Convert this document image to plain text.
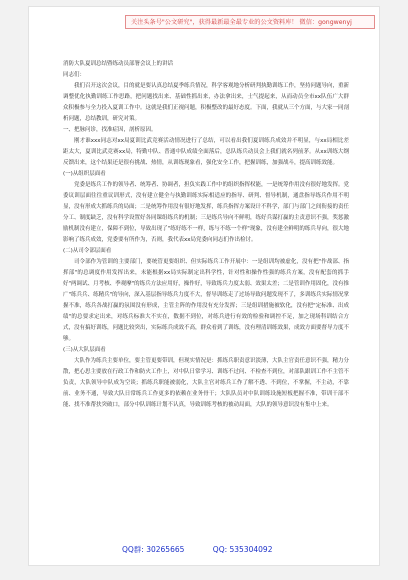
关注头条号"公文研究"，获得最新最全最专业的公文资料库！ 微信：gongwenyj

消防大队夏训总结暨练动员部署会议上的讲话

同志们：

我们召开这次会议，目的就是要认真总结夏季练兵情况，科学客观地分析研判执勤训练工作，坚持问题导向，重新调整优化执勤训练工作思路，把问题找出来、基础性抓出来，办法拿出来，士气提起来，从而动员全市xx队伍广大群众积极参与全力投入夏训工作中。这就是我们正视问题，积极整改的最好态度。下面，我就从三个方面，与大家一同剖析问题，总结教训，研究对策。

一、把脉问诊，找准症因，剖析原因。

刚才谁xxx同志对xx局夏训比武竞赛活动情况进行了总结，可以看出我们夏训练兵成效并不明显，与xx局相比差距太大，夏训比武竞赛xx局，特勤中队、普通中队成绩全面落后，总队练兵动员会上我们就名列前茅。从xx训练大纲反馈出来，这个结果还是很有挑战、热情，从训练现象看，强化安全工作，把握训练，加强战斗，提高训练效能。

(一)从组织层面看

党委是练兵工作的领导者、统筹者、协调者，担负实践工作中的组织指挥权能，一是统筹作用没有很好地发挥。党委议训层面往往重议训形式，没有建立健全与执勤训练实际相适应的指导、研判、督导机制，通盘指导练兵作用不明显，没有形成大抓练兵的局面；二是统筹作用没有很好地发挥，练兵指挥方案设计不科学，部门与部门之间衔接的责任分工、制度缺乏，没有科学设置好各同课组练兵的机制；三是练兵导向不鲜明，练好兵谋打赢的主责意识不强，奖惩激励机制没有建立，保障不到位，导致出现了"练好练不一样，练与不练一个样"现象，没有建全鲜明的练兵导向，很大地影响了练兵成效，党委要有所作为，否则，我代表xx局党委向同志们作出检讨。

(二)从司令部层面看

司令部作为管训的主要部门，要统管更要组织、但实际练兵工作开展中：一是组训均被虚化，没有把"作战部、指挥部"的总调度作用发挥出来，未能根据xx局实际制定出科学性，针对性和操作性强的练兵方案，没有配套的抓手好"两调试、月考核、季观摩"的练兵方法应用好，操作好，导致练兵力度太弱、效果太差；二是管训作用固化，没有推广"练兵兵、练精兵"的导向，深入基层指导练兵力度不大，督导训练走了过场导致问题发现不了，多训练兵实际情况掌握不准，练兵各战打赢的氛围没有形成，主管主阵的作用没有充分发挥；三是组训措施被软化，没有把"定标准、出成绩"的总要求定出来，对练兵标准大不实在，数据不到位，对练兵进行有效的检验和调控不足，加之现场科训结合方式，没有搞好训练，问题比较突出，实际练兵成效不高，群众看到了训练，没有理清训练效果，成效方面要督导力度不够。

(三)从大队层面看

大队作为练兵主要单位，要主管更要带训，但现实情况是：抓练兵职责意识淡薄，大队主官责任意识不强，精力分散，把心思主要放在行政工作和防火工作上，对中队日常学习、训练不过问、不检查不到位，对部队跟训工作不主管不负责，大队领导中队成为空谈；抓练兵职能被弱化，大队主官对练兵工作了解不透、不到位，不掌握，不主动，不靠前、业务不通，导致大队日常练兵工作更多的依赖在业务骨干；大队队员对中队训练设施短板把握不准，带训干部不能、找不准帮扶突破口，部分中队训练计划不认真，导致训练考核的被动局面，大队的领导意识没有集中上来。

QQ群: 30265665	QQ: 535304092
